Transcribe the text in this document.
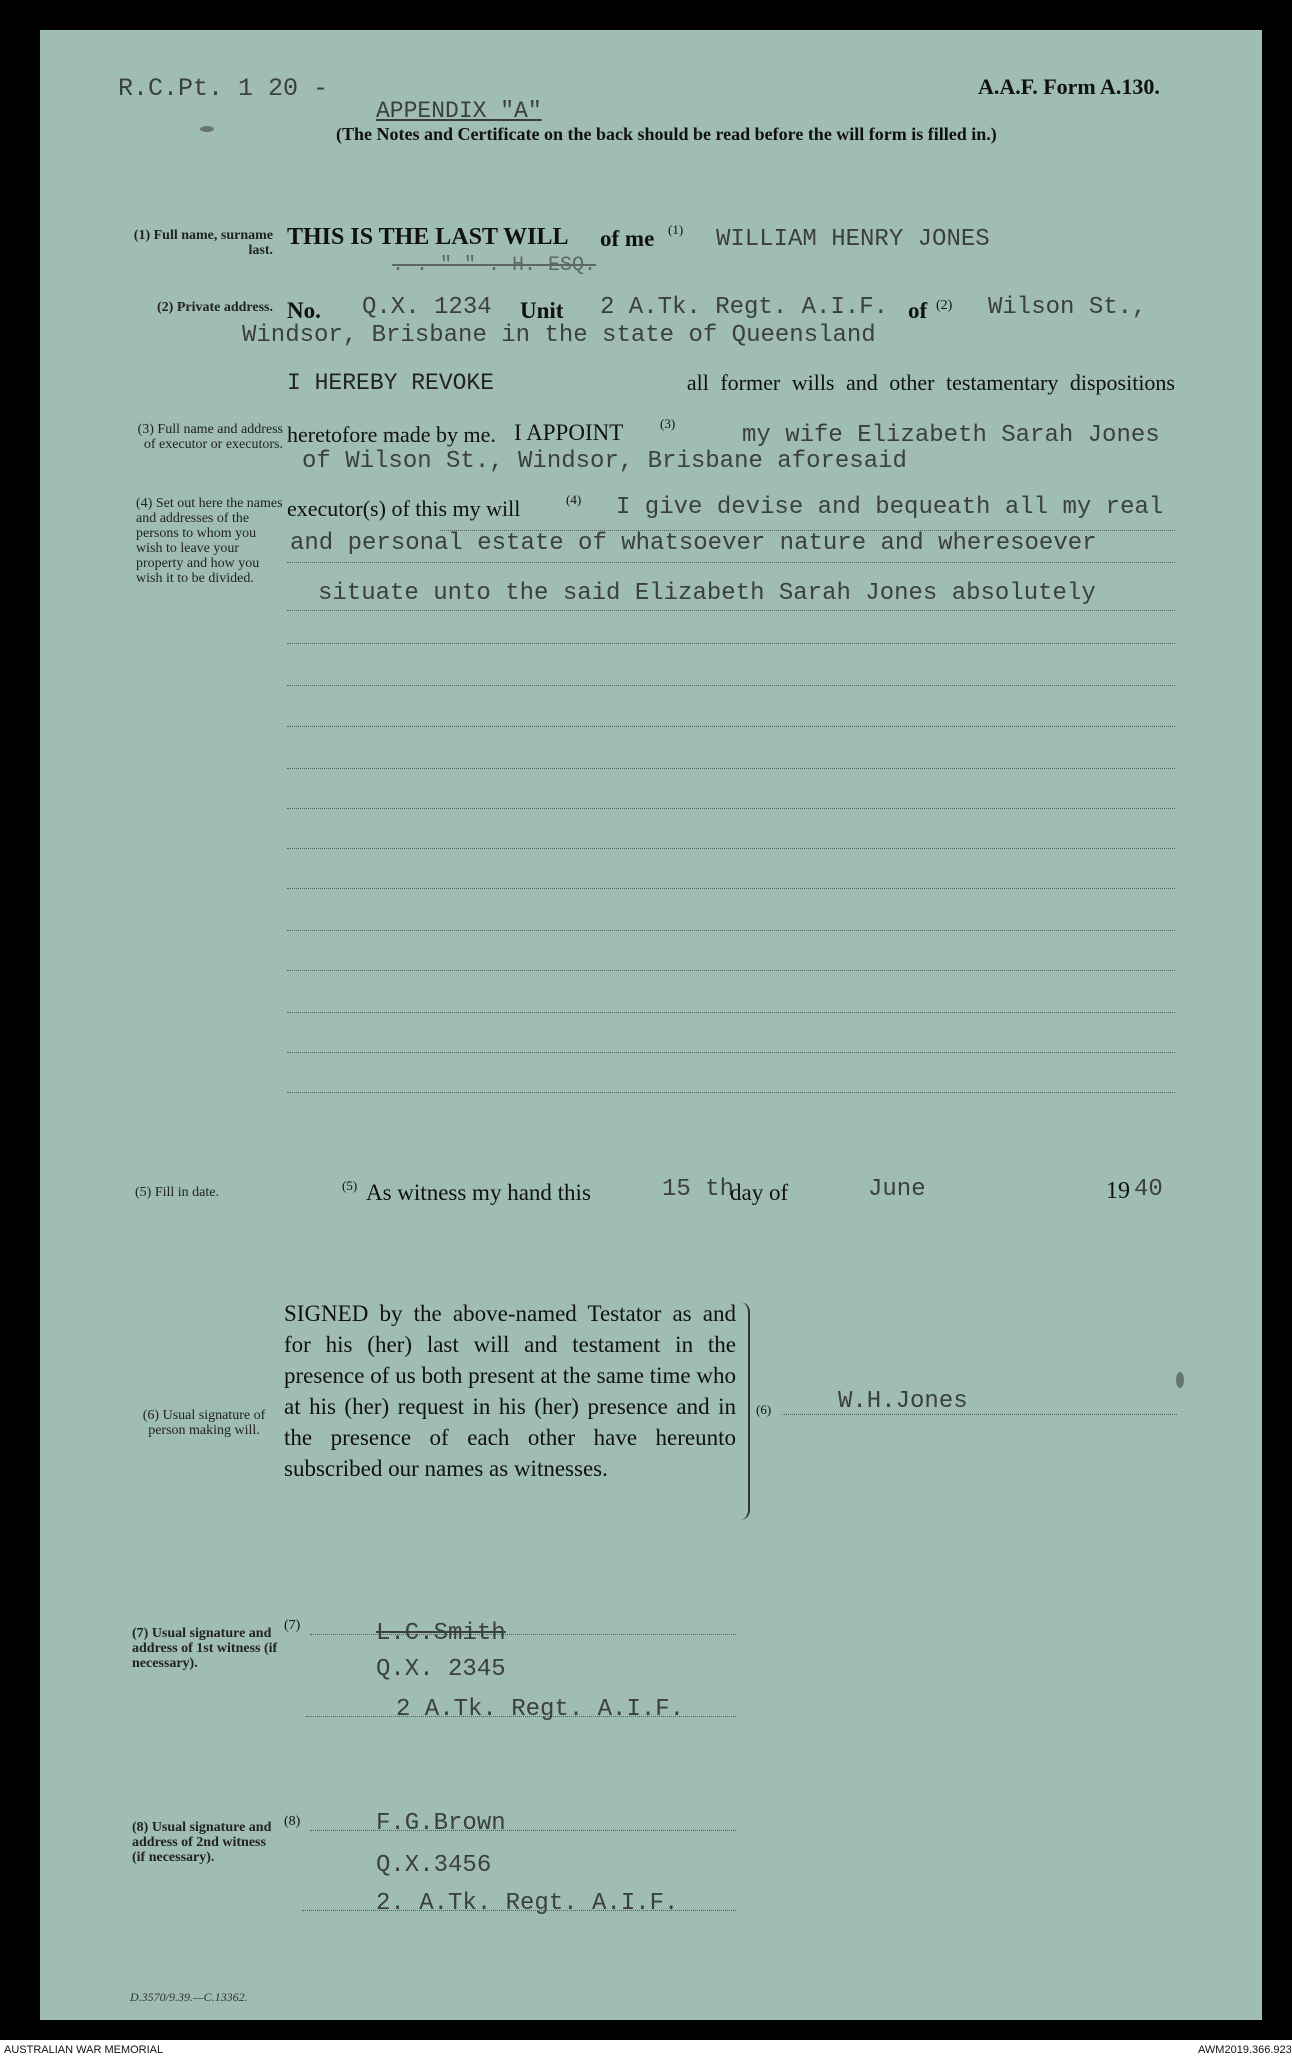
R.C.Pt. 1 20 -	A.A.F. Form A.130.
APPENDIX "A"
(The Notes and Certificate on the back should be read before the will form is filled in.)
(1) Full name, surname last.
(2) Private address.
(3) Full name and address of executor or executors.
(4) Set out here the names and addresses of the persons to whom you wish to leave your property and how you wish it to be divided.
(5) Fill in date.
(6) Usual signature of person making will.
(7) Usual signature and address of 1st witness (if necessary).
(8) Usual signature and address of 2nd witness (if necessary).
THIS IS THE LAST WILL of me (1) WILLIAM HENRY JONES
. . " " . H. ESQ.
No. Q.X. 1234 Unit 2 A.Tk. Regt. A.I.F. of (2) Wilson St.,
Windsor, Brisbane in the state of Queensland
I HEREBY REVOKE	all former wills and other testamentary dispositions
heretofore made by me. I APPOINT	(3)	my wife Elizabeth Sarah Jones
of Wilson St., Windsor, Brisbane aforesaid
executor(s) of this my will	(4) I give devise and bequeath all my real
and personal estate of whatsoever nature and wheresoever
situate unto the said Elizabeth Sarah Jones absolutely
(5) As witness my hand this	15 th
day of	June	19 40
SIGNED by the above-named Testator as and for his (her) last will and testament in the presence of us both present at the same time who at his (her) request in his (her) presence and in the presence of each other have hereunto subscribed our names as witnesses.
(6)	W.H.Jones
(7)	L.C.Smith
Q.X. 2345
2 A.Tk. Regt. A.I.F.
(8)	F.G.Brown
Q.X.3456
2. A.Tk. Regt. A.I.F.
D.3570/9.39.—C.13362.
AUSTRALIAN WAR MEMORIAL	AWM2019.366.923
